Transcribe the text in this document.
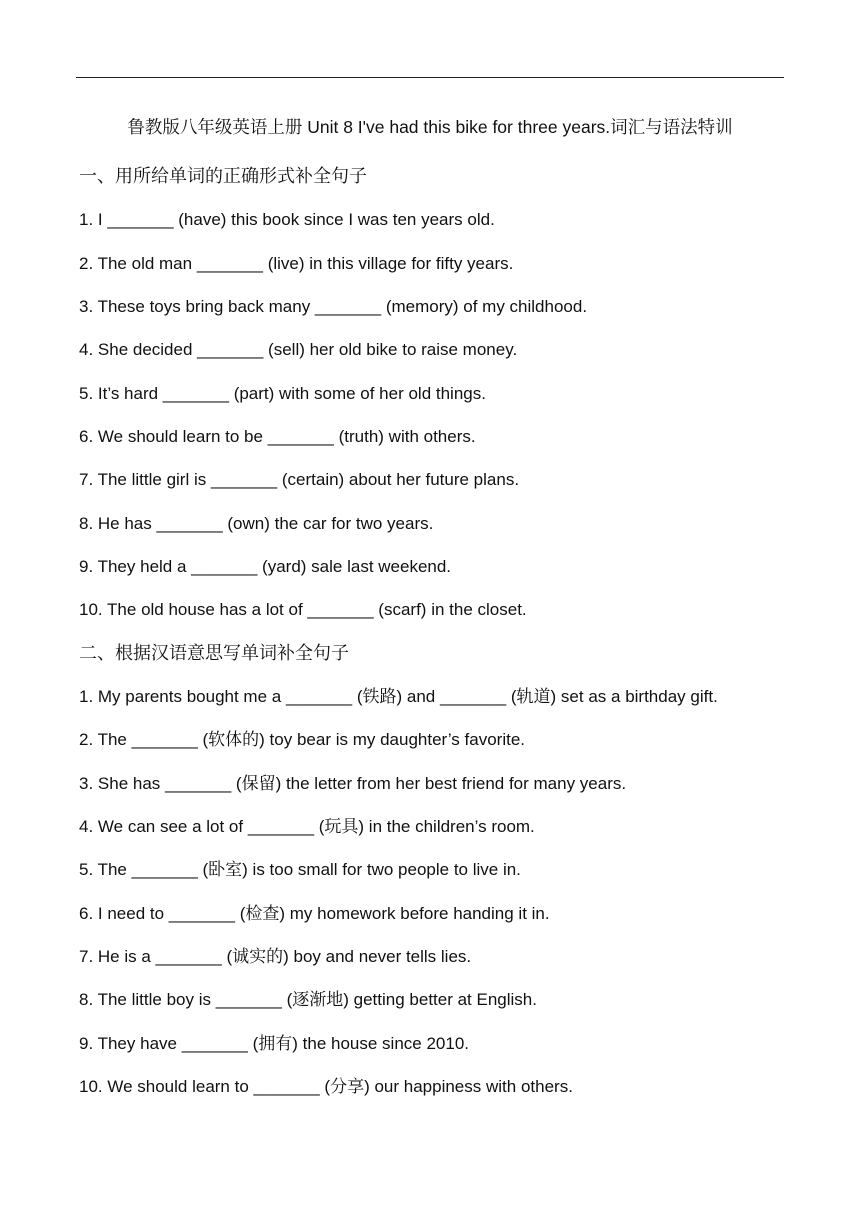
鲁教版八年级英语上册 Unit 8 I've had this bike for three years.词汇与语法特训
一、用所给单词的正确形式补全句子
1. I _______ (have) this book since I was ten years old.
2. The old man _______ (live) in this village for fifty years.
3. These toys bring back many _______ (memory) of my childhood.
4. She decided _______ (sell) her old bike to raise money.
5. It’s hard _______ (part) with some of her old things.
6. We should learn to be _______ (truth) with others.
7. The little girl is _______ (certain) about her future plans.
8. He has _______ (own) the car for two years.
9. They held a _______ (yard) sale last weekend.
10. The old house has a lot of _______ (scarf) in the closet.
二、根据汉语意思写单词补全句子
1. My parents bought me a _______ (铁路) and _______ (轨道) set as a birthday gift.
2. The _______ (软体的) toy bear is my daughter’s favorite.
3. She has _______ (保留) the letter from her best friend for many years.
4. We can see a lot of _______ (玩具) in the children’s room.
5. The _______ (卧室) is too small for two people to live in.
6. I need to _______ (检查) my homework before handing it in.
7. He is a _______ (诚实的) boy and never tells lies.
8. The little boy is _______ (逐渐地) getting better at English.
9. They have _______ (拥有) the house since 2010.
10. We should learn to _______ (分享) our happiness with others.
